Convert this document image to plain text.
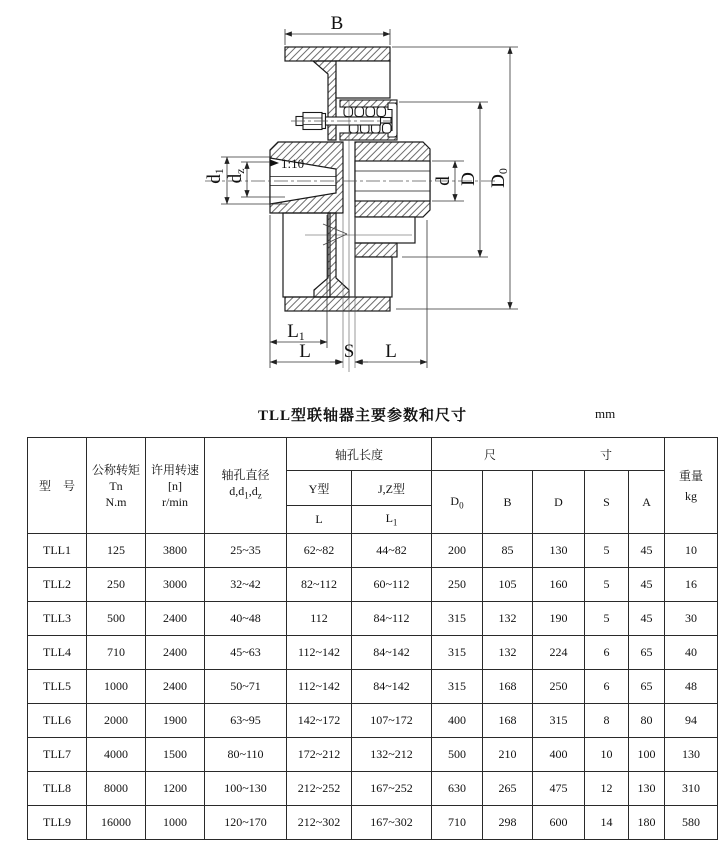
B
D0
D
d
d1
dz
1:10
L1
L S L
TLL型联轴器主要参数和尺寸	mm
型　号	
公称转矩
Tn
N.m

许用转速
[n]
r/min

轴孔直径
$d,d_1,d_z$
	轴孔长度	尺	寸

重量
kg

				Y型	J,Z型	$D_0$	B	D	S	A	
				L	$L_1$
TLL1	125	3800	25~35	62~82	44~82	200	85	130	5	45	10
TLL2	250	3000	32~42	82~112	60~112	250	105	160	5	45	16
TLL3	500	2400	40~48	112	84~112	315	132	190	5	45	30
TLL4	710	2400	45~63	112~142	84~142	315	132	224	6	65	40
TLL5	1000	2400	50~71	112~142	84~142	315	168	250	6	65	48
TLL6	2000	1900	63~95	142~172	107~172	400	168	315	8	80	94
TLL7	4000	1500	80~110	172~212	132~212	500	210	400	10	100	130
TLL8	8000	1200	100~130	212~252	167~252	630	265	475	12	130	310
TLL9	16000	1000	120~170	212~302	167~302	710	298	600	14	180	580
